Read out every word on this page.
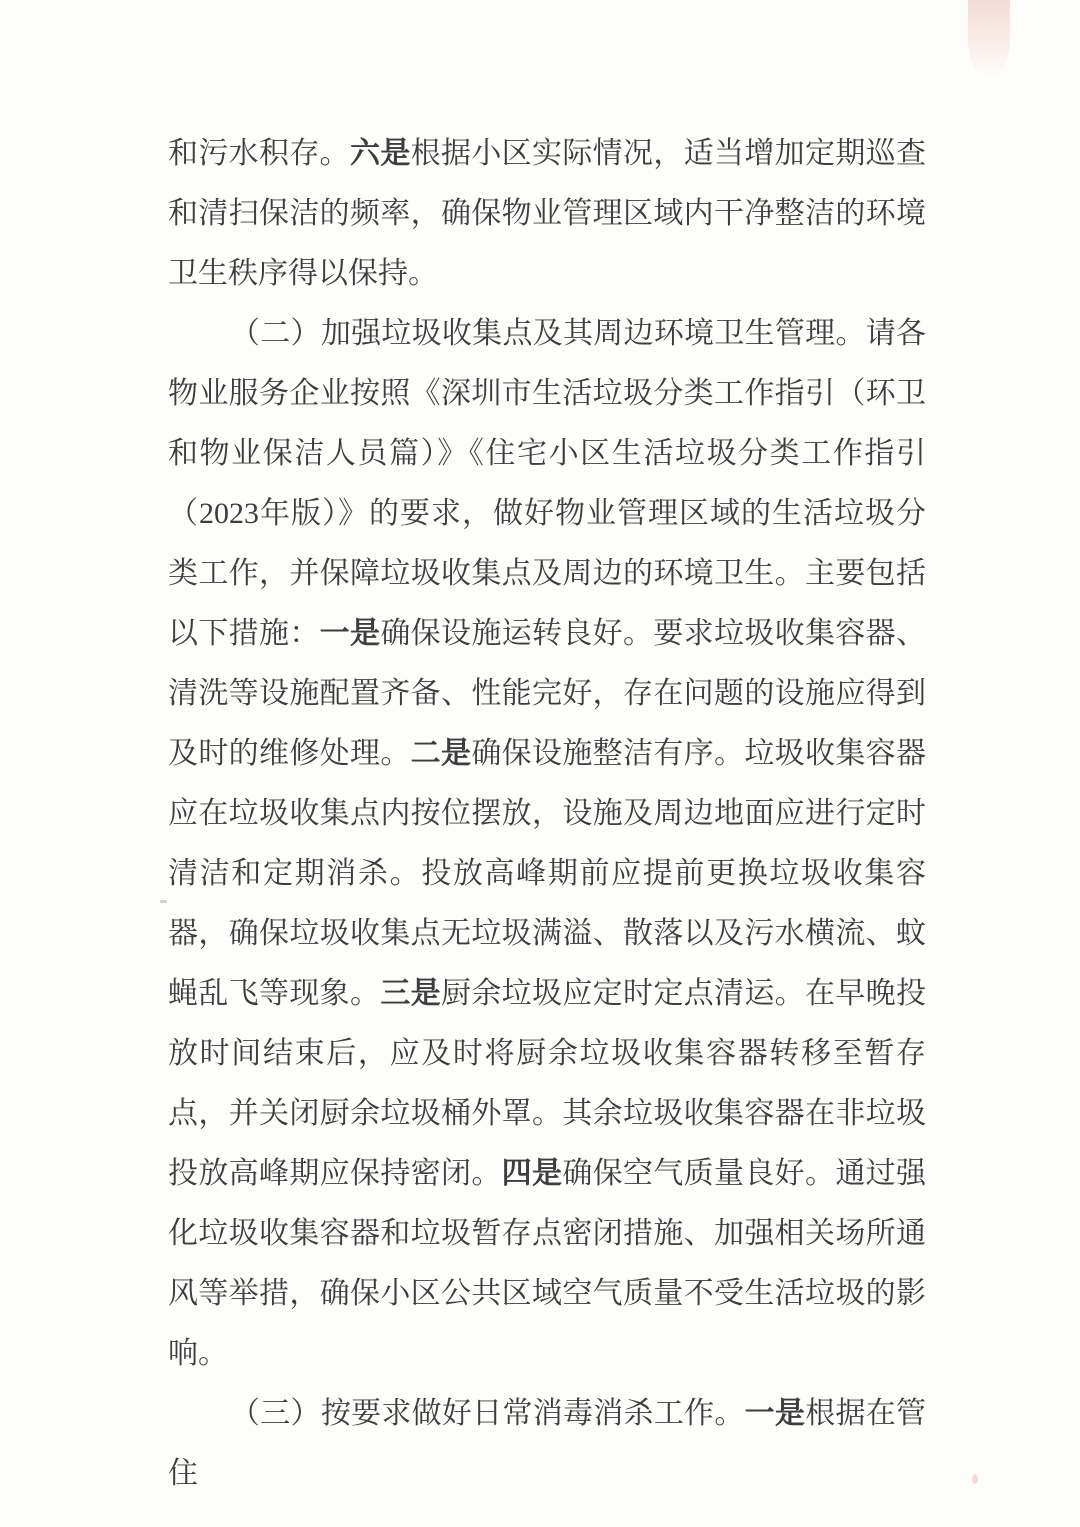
和污水积存。六是根据小区实际情况，适当增加定期巡查和清扫保洁的频率，确保物业管理区域内干净整洁的环境卫生秩序得以保持。

（二）加强垃圾收集点及其周边环境卫生管理。请各物业服务企业按照《深圳市生活垃圾分类工作指引（环卫和物业保洁人员篇）》《住宅小区生活垃圾分类工作指引（2023年版）》的要求，做好物业管理区域的生活垃圾分类工作，并保障垃圾收集点及周边的环境卫生。主要包括以下措施：一是确保设施运转良好。要求垃圾收集容器、清洗等设施配置齐备、性能完好，存在问题的设施应得到及时的维修处理。二是确保设施整洁有序。垃圾收集容器应在垃圾收集点内按位摆放，设施及周边地面应进行定时清洁和定期消杀。投放高峰期前应提前更换垃圾收集容器，确保垃圾收集点无垃圾满溢、散落以及污水横流、蚊蝇乱飞等现象。三是厨余垃圾应定时定点清运。在早晚投放时间结束后，应及时将厨余垃圾收集容器转移至暂存点，并关闭厨余垃圾桶外罩。其余垃圾收集容器在非垃圾投放高峰期应保持密闭。四是确保空气质量良好。通过强化垃圾收集容器和垃圾暂存点密闭措施、加强相关场所通风等举措，确保小区公共区域空气质量不受生活垃圾的影响。

（三）按要求做好日常消毒消杀工作。一是根据在管住
